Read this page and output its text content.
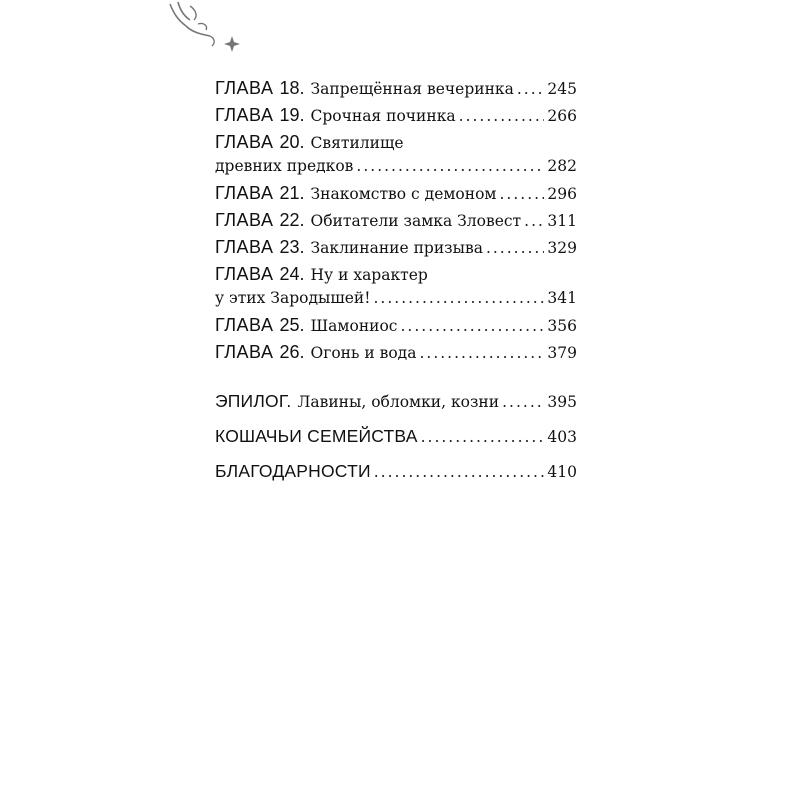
ГЛАВА 18. Запрещённая вечеринка ..... 245
ГЛАВА 19. Срочная починка .....	266
ГЛАВА 20. Святилище
древних предков .....	282
ГЛАВА 21. Знакомство с демоном .....	296
ГЛАВА 22. Обитатели замка Зловест ..... 311
ГЛАВА 23. Заклинание призыва .....	329
ГЛАВА 24. Ну и характер
у этих Зародышей! .....	341
ГЛАВА 25. Шамониос .....	356
ГЛАВА 26. Огонь и вода .....	379
ЭПИЛОГ. Лавины, обломки, козни .....	395
КОШАЧЬИ СЕМЕЙСТВА .....	403
БЛАГОДАРНОСТИ .....	410
